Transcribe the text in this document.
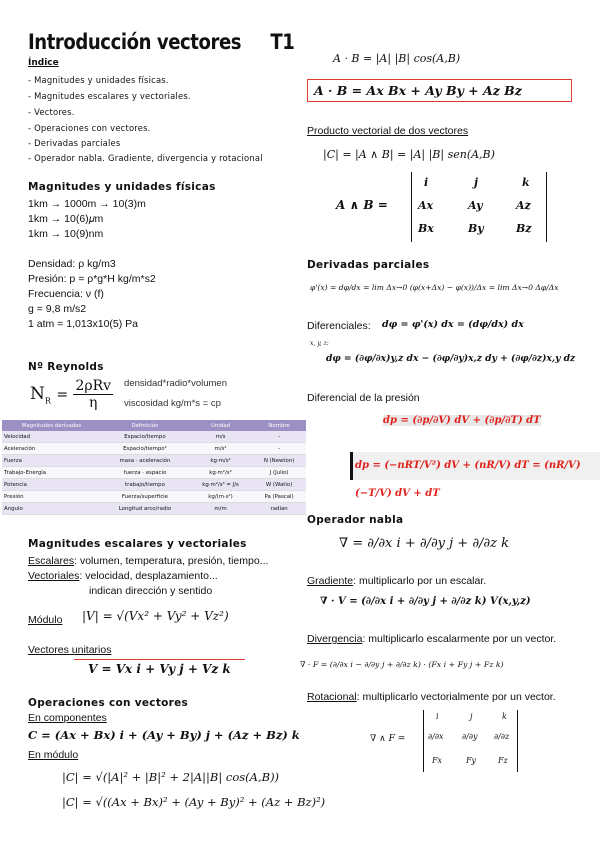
Introducción vectores T1
Índice
- Magnitudes y unidades físicas.
- Magnitudes escalares y vectoriales.
- Vectores.
- Operaciones con vectores.
- Derivadas parciales
- Operador nabla. Gradiente, divergencia y rotacional
Magnitudes y unidades físicas
1km → 1000m → 10(3)m
1km → 10(6)𝜇m
1km → 10(9)nm
Densidad: ρ kg/m3
Presión: p = ρ*g*H kg/m*s2
Frecuencia: ν (f)
g = 9,8 m/s2
1 atm = 1,013x10(5) Pa
Nº Reynolds
$N_R = \frac{\text{2ρRv}}{\eta}$ densidad*radio*volumen
viscosidad kg/m*s = cp
Magnitudes derivadas	Definición	Unidad	Nombre
Velocidad	Espacio/tiempo	m/s	-
Aceleración	Espacio/tiempo²	m/s²	-
Fuerza	masa · aceleración	kg·m/s²	N (Newton)
Trabajo-Energía	fuerza · espacio	kg·m²/s²	J (Julio)
Potencia	trabajo/tiempo	kg·m²/s³ = J/s	W (Watio)
Presión	Fuerza/superficie	kg/(m·s²)	Pa (Pascal)
Angulo	Longitud arco/radio	m/m	radian
Magnitudes escalares y vectoriales
Escalares: volumen, temperatura, presión, tiempo...
Vectoriales: velocidad, desplazamiento...
indican dirección y sentido
Módulo |V| = √(Vx² + Vy² + Vz²)
Vectores unitarios
V = Vx i + Vy j + Vz k
Operaciones con vectores
En componentes
C = (Ax + Bx) i + (Ay + By) j + (Az + Bz) k
En módulo
|C| = √(|A|² + |B|² + 2|A||B| cos(A,B))
|C| = √((Ax + Bx)² + (Ay + By)² + (Az + Bz)²)
A · B = |A| |B| cos(A,B)
A · B = Ax Bx + Ay By + Az Bz
Producto vectorial de dos vectores
|C| = |A ∧ B| = |A| |B| sen(A,B)
A ∧ B =
i	j	k
Ax	Ay	Az
Bx	By	Bz
Derivadas parciales
φ'(x) = dφ/dx = lim Δx→0 (φ(x+Δx) − φ(x))/Δx = lim Δx→0 Δφ/Δx
Diferenciales: dφ = φ'(x) dx = (dφ/dx) dx
x, y, z:
dφ = (∂φ/∂x)y,z dx − (∂φ/∂y)x,z dy + (∂φ/∂z)x,y dz
Diferencial de la presión
dp = (∂p/∂V) dV + (∂p/∂T) dT
dp = (−nRT/V²) dV + (nR/V) dT = (nR/V)(−T/V) dV + dT
Operador nabla
∇ = ∂/∂x i + ∂/∂y j + ∂/∂z k
Gradiente: multiplicarlo por un escalar.
∇ · V = (∂/∂x i + ∂/∂y j + ∂/∂z k) V(x,y,z)
Divergencia: multiplicarlo escalarmente por un vector.
∇ · F = (∂/∂x i − ∂/∂y j + ∂/∂z k) · (Fx i + Fy j + Fz k)
Rotacional: multiplicarlo vectorialmente por un vector.
∇ ∧ F =
i	j	k
∂/∂x ∂/∂y ∂/∂z
Fx	Fy	Fz
